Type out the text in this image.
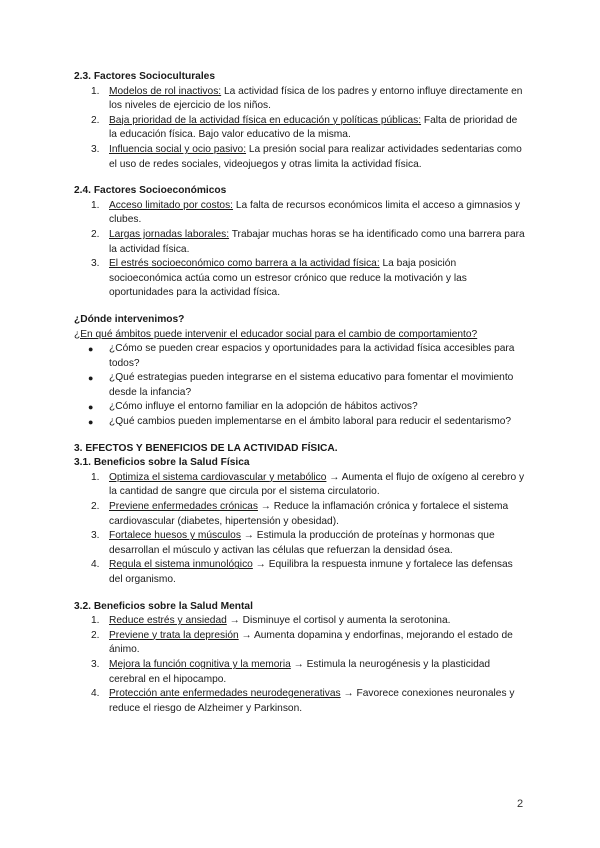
2.3. Factores Socioculturales

1. Modelos de rol inactivos: La actividad física de los padres y entorno influye directamente en los niveles de ejercicio de los niños.
2. Baja prioridad de la actividad física en educación y políticas públicas: Falta de prioridad de la educación física. Bajo valor educativo de la misma.
3. Influencia social y ocio pasivo: La presión social para realizar actividades sedentarias como el uso de redes sociales, videojuegos y otras limita la actividad física.

2.4. Factores Socioeconómicos

1. Acceso limitado por costos: La falta de recursos económicos limita el acceso a gimnasios y clubes.
2. Largas jornadas laborales: Trabajar muchas horas se ha identificado como una barrera para la actividad física.
3. El estrés socioeconómico como barrera a la actividad física: La baja posición socioeconómica actúa como un estresor crónico que reduce la motivación y las oportunidades para la actividad física.

¿Dónde intervenimos?

¿En qué ámbitos puede intervenir el educador social para el cambio de comportamiento?
● ¿Cómo se pueden crear espacios y oportunidades para la actividad física accesibles para todos?
● ¿Qué estrategias pueden integrarse en el sistema educativo para fomentar el movimiento desde la infancia?
● ¿Cómo influye el entorno familiar en la adopción de hábitos activos?
● ¿Qué cambios pueden implementarse en el ámbito laboral para reducir el sedentarismo?

3. EFECTOS Y BENEFICIOS DE LA ACTIVIDAD FÍSICA.

3.1. Beneficios sobre la Salud Física

1. Optimiza el sistema cardiovascular y metabólico → Aumenta el flujo de oxígeno al cerebro y la cantidad de sangre que circula por el sistema circulatorio.
2. Previene enfermedades crónicas → Reduce la inflamación crónica y fortalece el sistema cardiovascular (diabetes, hipertensión y obesidad).
3. Fortalece huesos y músculos → Estimula la producción de proteínas y hormonas que desarrollan el músculo y activan las células que refuerzan la densidad ósea.
4. Regula el sistema inmunológico → Equilibra la respuesta inmune y fortalece las defensas del organismo.

3.2. Beneficios sobre la Salud Mental

1. Reduce estrés y ansiedad → Disminuye el cortisol y aumenta la serotonina.
2. Previene y trata la depresión → Aumenta dopamina y endorfinas, mejorando el estado de ánimo.
3. Mejora la función cognitiva y la memoria → Estimula la neurogénesis y la plasticidad cerebral en el hipocampo.
4. Protección ante enfermedades neurodegenerativas → Favorece conexiones neuronales y reduce el riesgo de Alzheimer y Parkinson.
2
